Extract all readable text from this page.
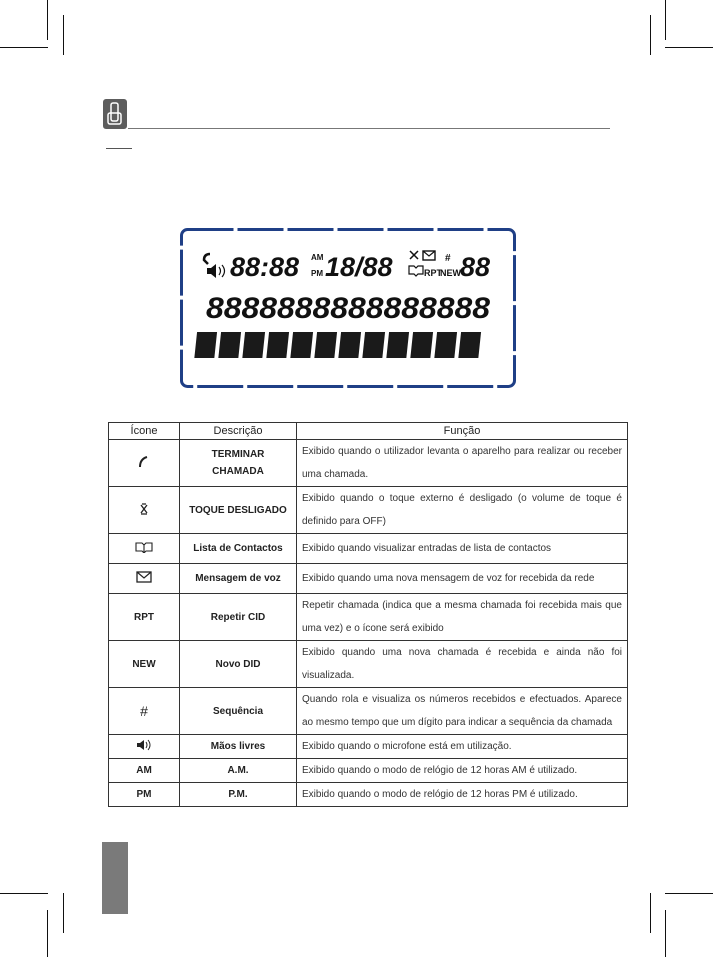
88:88 AM
PM 18/88	#
RPT
NEW 88
8888888888888888
Ícone	Descrição	Função
	TERMINAR CHAMADA	Exibido quando o utilizador levanta o aparelho para realizar ou receber uma chamada.
	TOQUE DESLIGADO	Exibido quando o toque externo é desligado (o volume de toque é definido para OFF)
	Lista de Contactos	Exibido quando visualizar entradas de lista de contactos
	Mensagem de voz	Exibido quando uma nova mensagem de voz for recebida da rede
RPT	Repetir CID	Repetir chamada (indica que a mesma chamada foi recebida mais que uma vez) e o ícone será exibido
NEW	Novo DID	Exibido quando uma nova chamada é recebida e ainda não foi visualizada.
#	Sequência	Quando rola e visualiza os números recebidos e efectuados. Aparece ao mesmo tempo que um dígito para indicar a sequência da chamada
	Mãos livres	Exibido quando o microfone está em utilização.
AM	A.M.	Exibido quando o modo de relógio de 12 horas AM é utilizado.
PM	P.M.	Exibido quando o modo de relógio de 12 horas PM é utilizado.
